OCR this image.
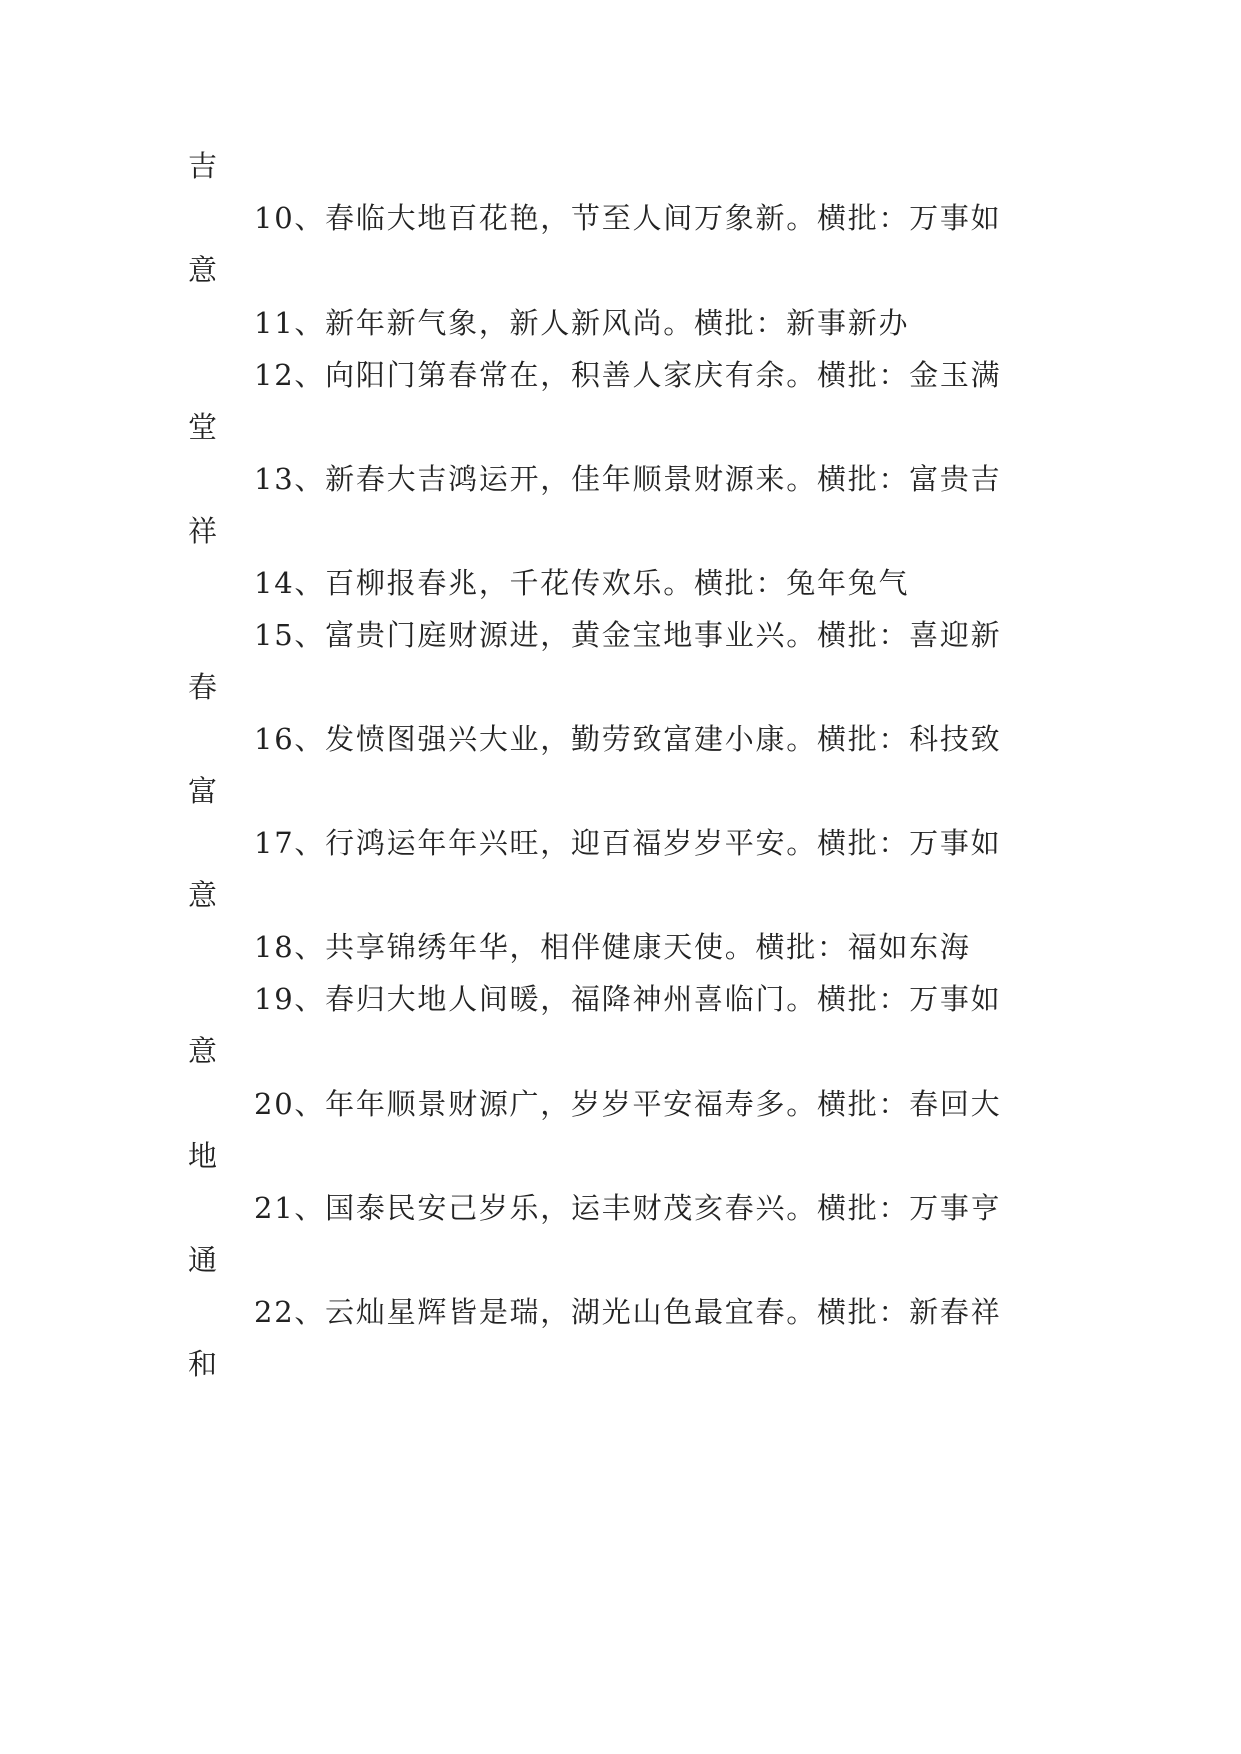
吉
10、春临大地百花艳，节至人间万象新。横批：万事如
意
11、新年新气象，新人新风尚。横批：新事新办
12、向阳门第春常在，积善人家庆有余。横批：金玉满
堂
13、新春大吉鸿运开，佳年顺景财源来。横批：富贵吉
祥
14、百柳报春兆，千花传欢乐。横批：兔年兔气
15、富贵门庭财源进，黄金宝地事业兴。横批：喜迎新
春
16、发愤图强兴大业，勤劳致富建小康。横批：科技致
富
17、行鸿运年年兴旺，迎百福岁岁平安。横批：万事如
意
18、共享锦绣年华，相伴健康天使。横批：福如东海
19、春归大地人间暖，福降神州喜临门。横批：万事如
意
20、年年顺景财源广，岁岁平安福寿多。横批：春回大
地
21、国泰民安己岁乐，运丰财茂亥春兴。横批：万事亨
通
22、云灿星辉皆是瑞，湖光山色最宜春。横批：新春祥
和
